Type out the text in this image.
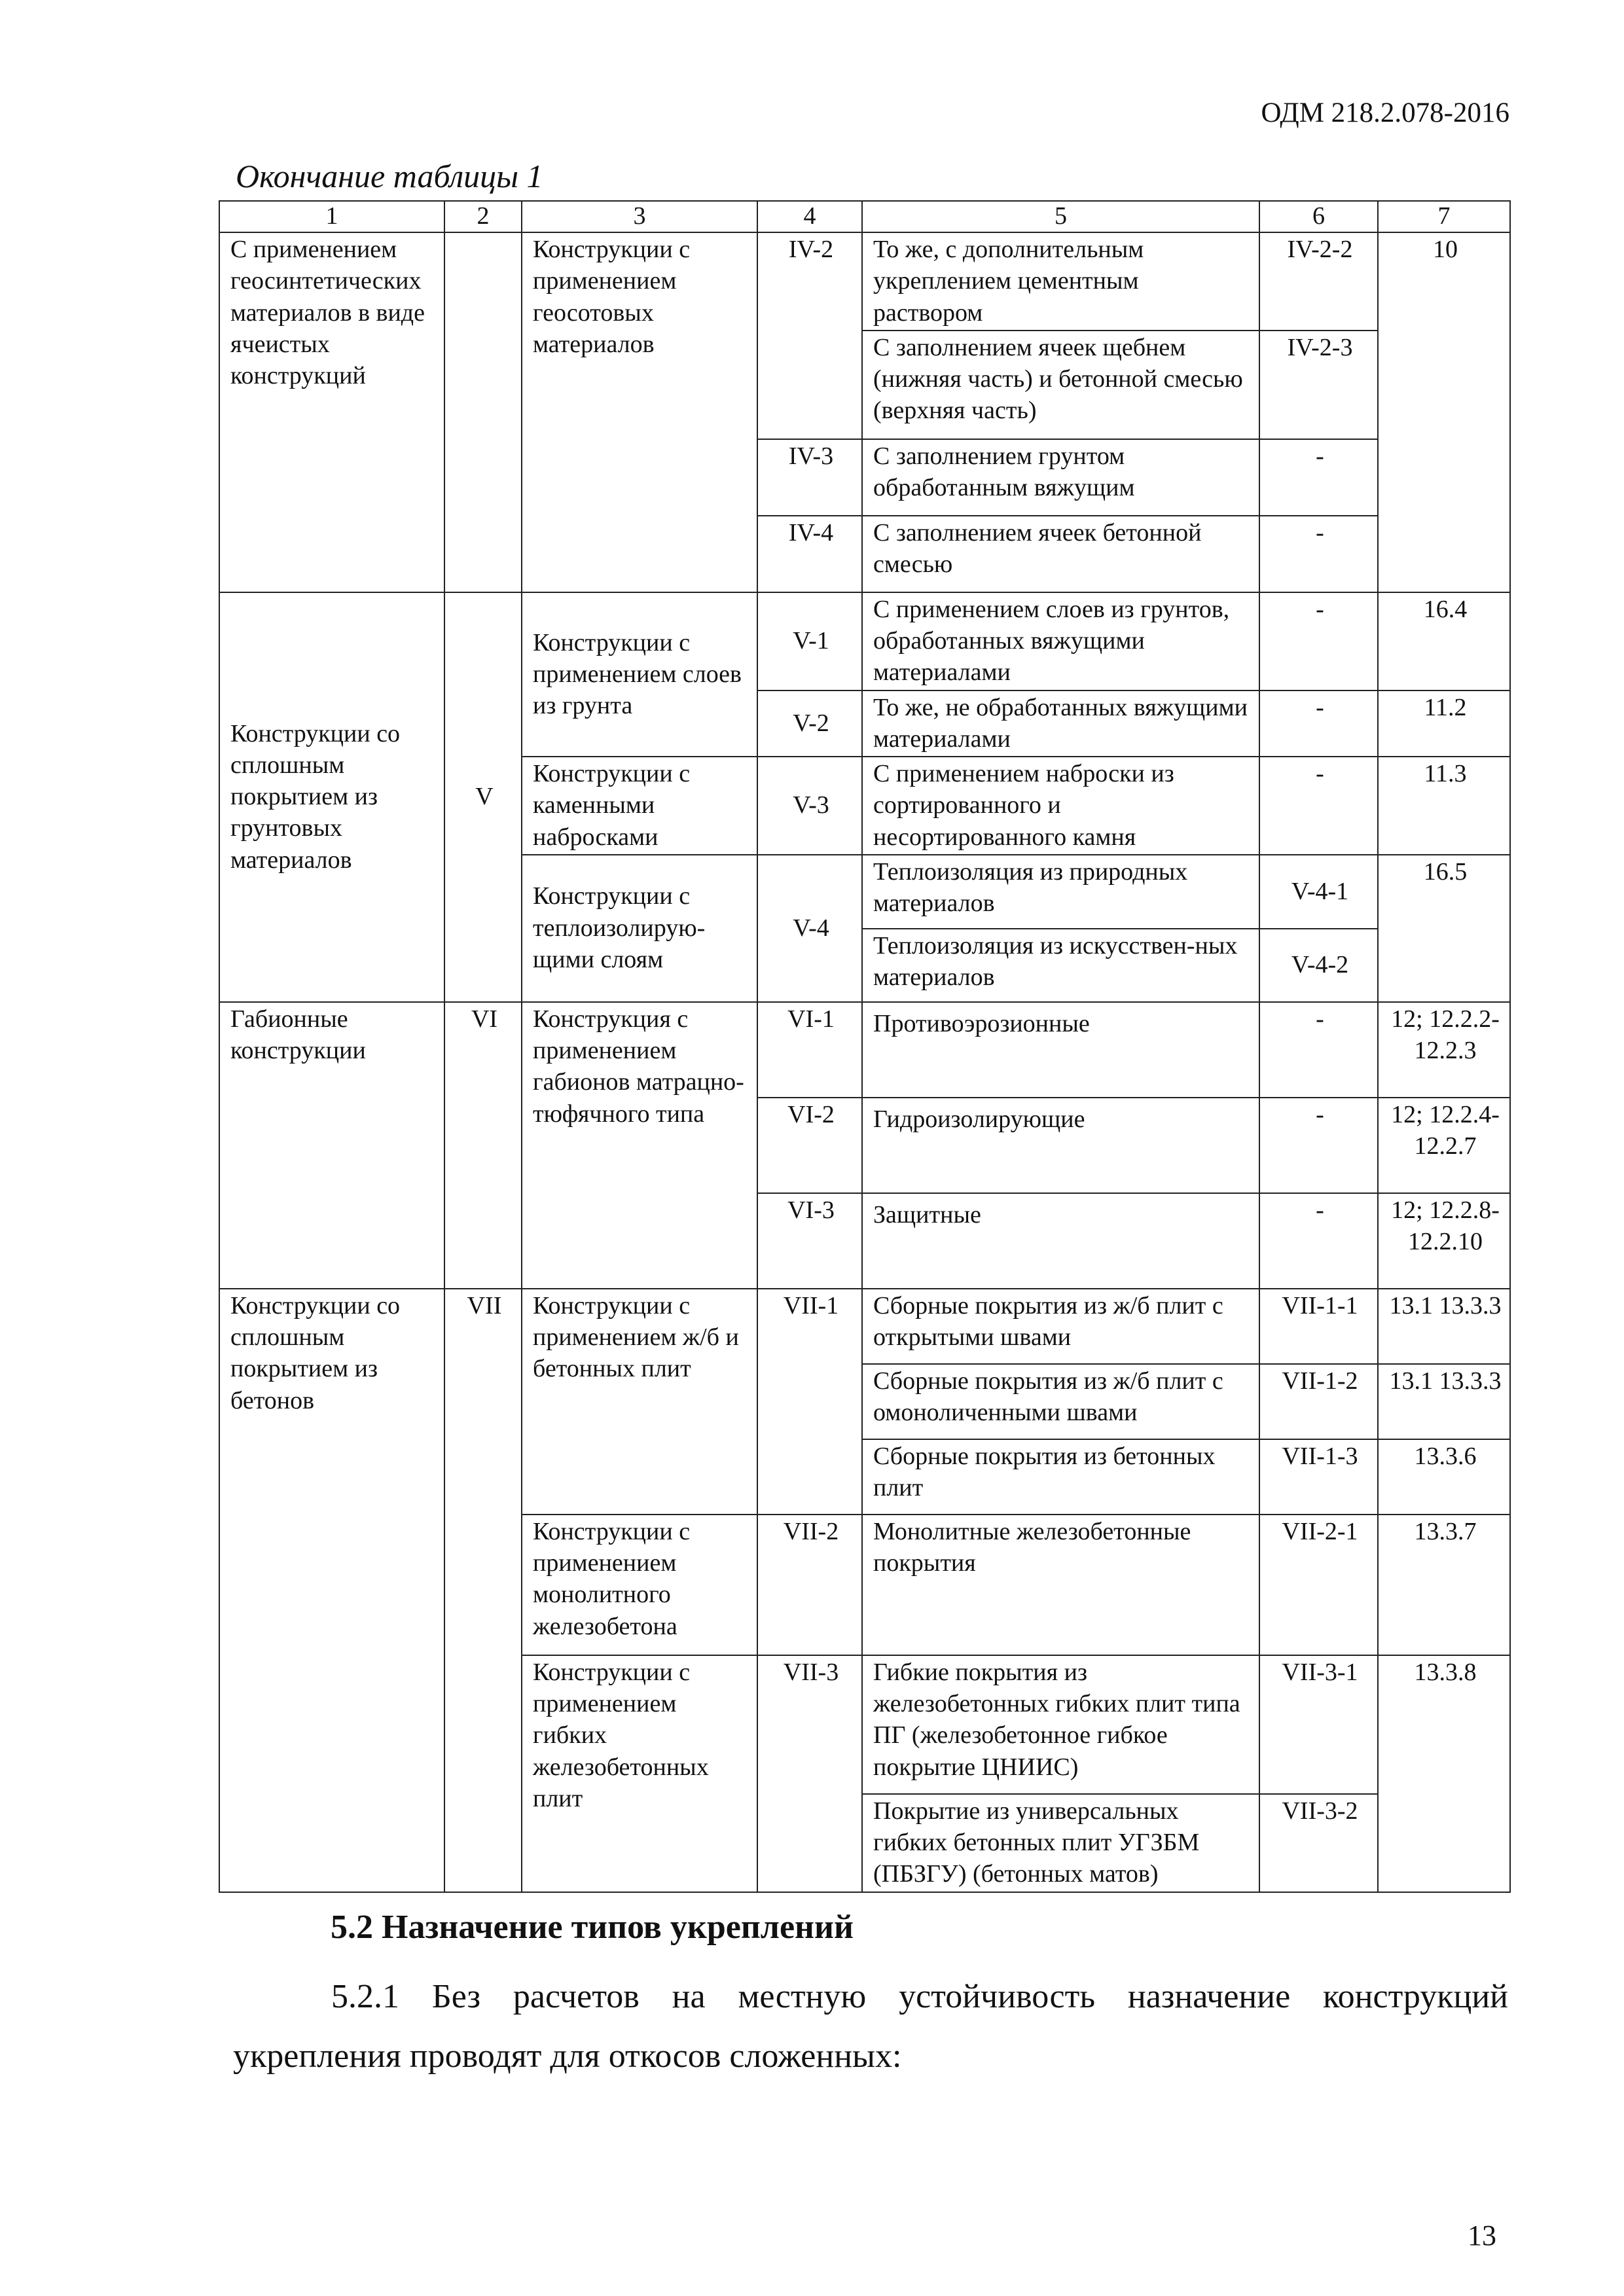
ОДМ 218.2.078-2016
Окончание таблицы 1
1	2	3	4	5	6	7
С применением геосинтетических материалов в виде ячеистых конструкций		Конструкции с применением геосотовых материалов	IV-2	То же, с дополнительным укреплением цементным раствором	IV-2-2	10
				С заполнением ячеек щебнем (нижняя часть) и бетонной смесью (верхняя часть)	IV-2-3	
			IV-3	С заполнением грунтом обработанным вяжущим	-	
			IV-4	С заполнением ячеек бетонной смесью	-	
Конструкции со сплошным покрытием из грунтовых материалов	V	Конструкции с применением слоев из грунта	V-1	С применением слоев из грунтов, обработанных вяжущими материалами	-	16.4
			V-2	То же, не обработанных вяжущими материалами	-	11.2
		Конструкции с каменными набросками	V-3	С применением наброски из сортированного и несортированного камня	-	11.3
		Конструкции с теплоизолирую-щими слоям	V-4	Теплоизоляция из природных материалов	V-4-1	16.5
				Теплоизоляция из искусствен-ных материалов	V-4-2	

Габионные конструкции	VI	Конструкция с применением габионов матрацно-тюфячного типа	VI-1	Противоэрозионные	-	12; 12.2.2-12.2.3
			VI-2	Гидроизолирующие	-	12; 12.2.4-12.2.7
			VI-3	Защитные	-	12; 12.2.8-12.2.10
Конструкции со сплошным покрытием из бетонов	VII	Конструкции с применением ж/б и бетонных плит	VII-1	Сборные покрытия из ж/б плит с открытыми швами	VII-1-1	13.1 13.3.3
				Сборные покрытия из ж/б плит с омоноличенными швами	VII-1-2	13.1 13.3.3
				Сборные покрытия из бетонных плит	VII-1-3	13.3.6
		Конструкции с применением монолитного железобетона	VII-2	Монолитные железобетонные покрытия	VII-2-1	13.3.7
		Конструкции с применением гибких железобетонных плит	VII-3	Гибкие покрытия из железобетонных гибких плит типа ПГ (железобетонное гибкое покрытие ЦНИИС)	VII-3-1	13.3.8
				Покрытие из универсальных гибких бетонных плит УГЗБМ (ПБЗГУ) (бетонных матов)	VII-3-2	

5.2 Назначение типов укреплений

5.2.1 Без расчетов на местную устойчивость назначение конструкций укрепления проводят для откосов сложенных:

13
